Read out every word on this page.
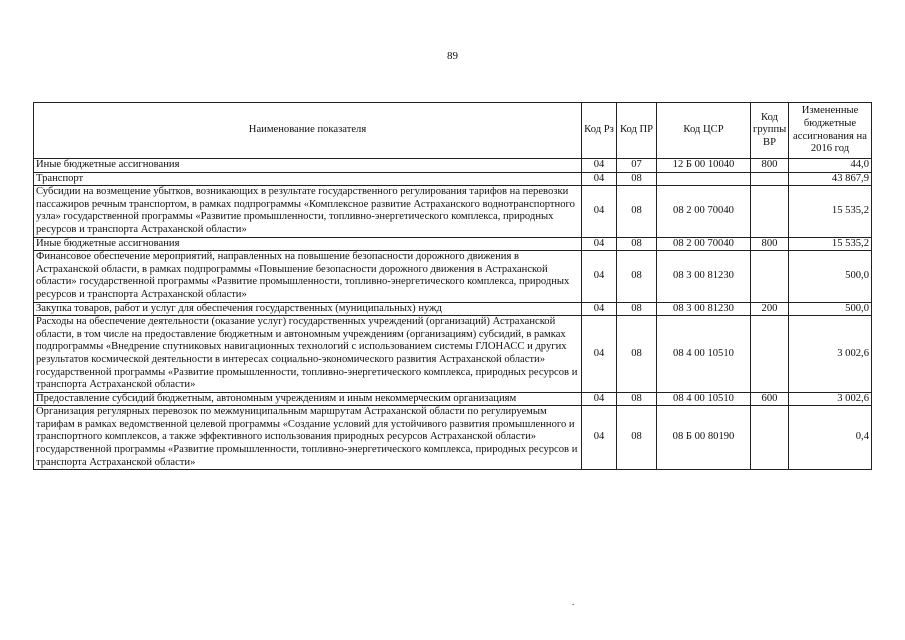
89
Наименование показателя	Код Рз	Код ПР	Код ЦСР	Код группы ВР	Измененные бюджетные ассигнования на 2016 год
Иные бюджетные ассигнования	04	07	12 Б 00 10040	800	44,0
Транспорт	04	08			43 867,9
Субсидии на возмещение убытков, возникающих в результате государственного регулирования тарифов на перевозки пассажиров речным транспортом, в рамках подпрограммы «Комплексное развитие Астраханского воднотранспортного узла» государственной программы «Развитие промышленности, топливно-энергетического комплекса, природных ресурсов и транспорта Астраханской области»	04	08	08 2 00 70040		15 535,2
Иные бюджетные ассигнования	04	08	08 2 00 70040	800	15 535,2
Финансовое обеспечение мероприятий, направленных на повышение безопасности дорожного движения в Астраханской области, в рамках подпрограммы «Повышение безопасности дорожного движения в Астраханской области» государственной программы «Развитие промышленности, топливно-энергетического комплекса, природных ресурсов и транспорта Астраханской области»	04	08	08 3 00 81230		500,0
Закупка товаров, работ и услуг для обеспечения государственных (муниципальных) нужд	04	08	08 3 00 81230	200	500,0
Расходы на обеспечение деятельности (оказание услуг) государственных учреждений (организаций) Астраханской области, в том числе на предоставление бюджетным и автономным учреждениям (организациям) субсидий, в рамках подпрограммы «Внедрение спутниковых навигационных технологий с использованием системы ГЛОНАСС и других результатов космической деятельности в интересах социально-экономического развития Астраханской области» государственной программы «Развитие промышленности, топливно-энергетического комплекса, природных ресурсов и транспорта Астраханской области»	04	08	08 4 00 10510		3 002,6
Предоставление субсидий бюджетным, автономным учреждениям и иным некоммерческим организациям	04	08	08 4 00 10510	600	3 002,6
Организация регулярных перевозок по межмуниципальным маршрутам Астраханской области по регулируемым тарифам в рамках ведомственной целевой программы «Создание условий для устойчивого развития промышленного и транспортного комплексов, а также эффективного использования природных ресурсов Астраханской области» государственной программы «Развитие промышленности, топливно-энергетического комплекса, природных ресурсов и транспорта Астраханской области»	04	08	08 Б 00 80190		0,4
.
